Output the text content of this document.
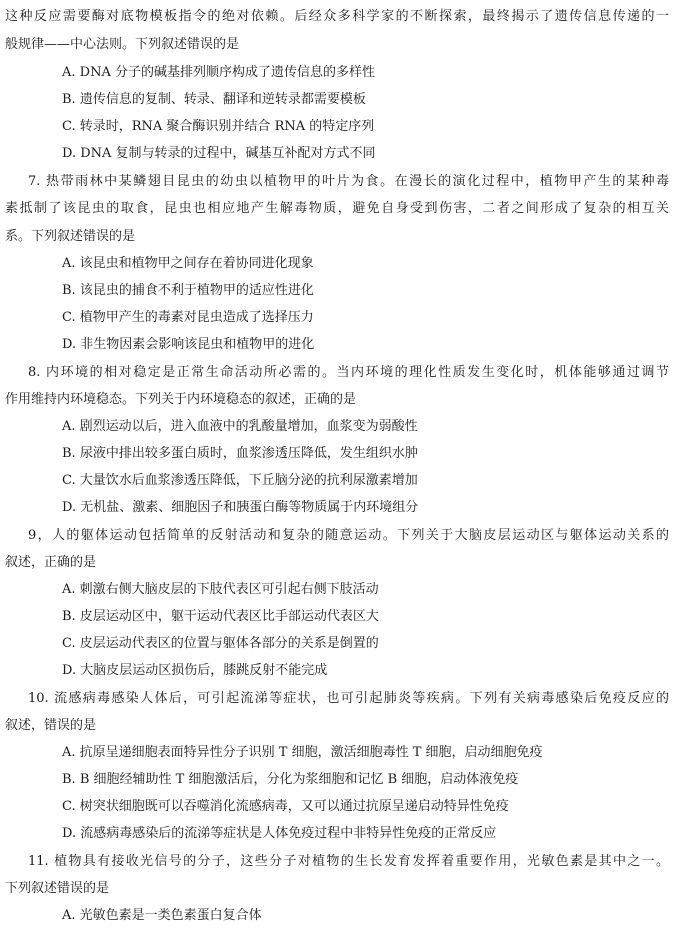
这种反应需要酶对底物模板指令的绝对依赖。后经众多科学家的不断探索，最终揭示了遗传信息传递的一
般规律——中心法则。下列叙述错误的是
A. DNA 分子的碱基排列顺序构成了遗传信息的多样性
B. 遗传信息的复制、转录、翻译和逆转录都需要模板
C. 转录时，RNA 聚合酶识别并结合 RNA 的特定序列
D. DNA 复制与转录的过程中，碱基互补配对方式不同
7. 热带雨林中某鳞翅目昆虫的幼虫以植物甲的叶片为食。在漫长的演化过程中，植物甲产生的某种毒
素抵制了该昆虫的取食，昆虫也相应地产生解毒物质，避免自身受到伤害，二者之间形成了复杂的相互关
系。下列叙述错误的是
A. 该昆虫和植物甲之间存在着协同进化现象
B. 该昆虫的捕食不利于植物甲的适应性进化
C. 植物甲产生的毒素对昆虫造成了选择压力
D. 非生物因素会影响该昆虫和植物甲的进化
8. 内环境的相对稳定是正常生命活动所必需的。当内环境的理化性质发生变化时，机体能够通过调节
作用维持内环境稳态。下列关于内环境稳态的叙述，正确的是
A. 剧烈运动以后，进入血液中的乳酸量增加，血浆变为弱酸性
B. 尿液中排出较多蛋白质时，血浆渗透压降低，发生组织水肿
C. 大量饮水后血浆渗透压降低，下丘脑分泌的抗利尿激素增加
D. 无机盐、激素、细胞因子和胰蛋白酶等物质属于内环境组分
9，人的躯体运动包括简单的反射活动和复杂的随意运动。下列关于大脑皮层运动区与躯体运动关系的
叙述，正确的是
A. 刺激右侧大脑皮层的下肢代表区可引起右侧下肢活动
B. 皮层运动区中，躯干运动代表区比手部运动代表区大
C. 皮层运动代表区的位置与躯体各部分的关系是倒置的
D. 大脑皮层运动区损伤后，膝跳反射不能完成
10. 流感病毒感染人体后，可引起流涕等症状，也可引起肺炎等疾病。下列有关病毒感染后免疫反应的
叙述，错误的是
A. 抗原呈递细胞表面特异性分子识别 T 细胞，激活细胞毒性 T 细胞，启动细胞免疫
B. B 细胞经辅助性 T 细胞激活后，分化为浆细胞和记忆 B 细胞，启动体液免疫
C. 树突状细胞既可以吞噬消化流感病毒，又可以通过抗原呈递启动特异性免疫
D. 流感病毒感染后的流涕等症状是人体免疫过程中非特异性免疫的正常反应
11. 植物具有接收光信号的分子，这些分子对植物的生长发育发挥着重要作用，光敏色素是其中之一。
下列叙述错误的是
A. 光敏色素是一类色素蛋白复合体
